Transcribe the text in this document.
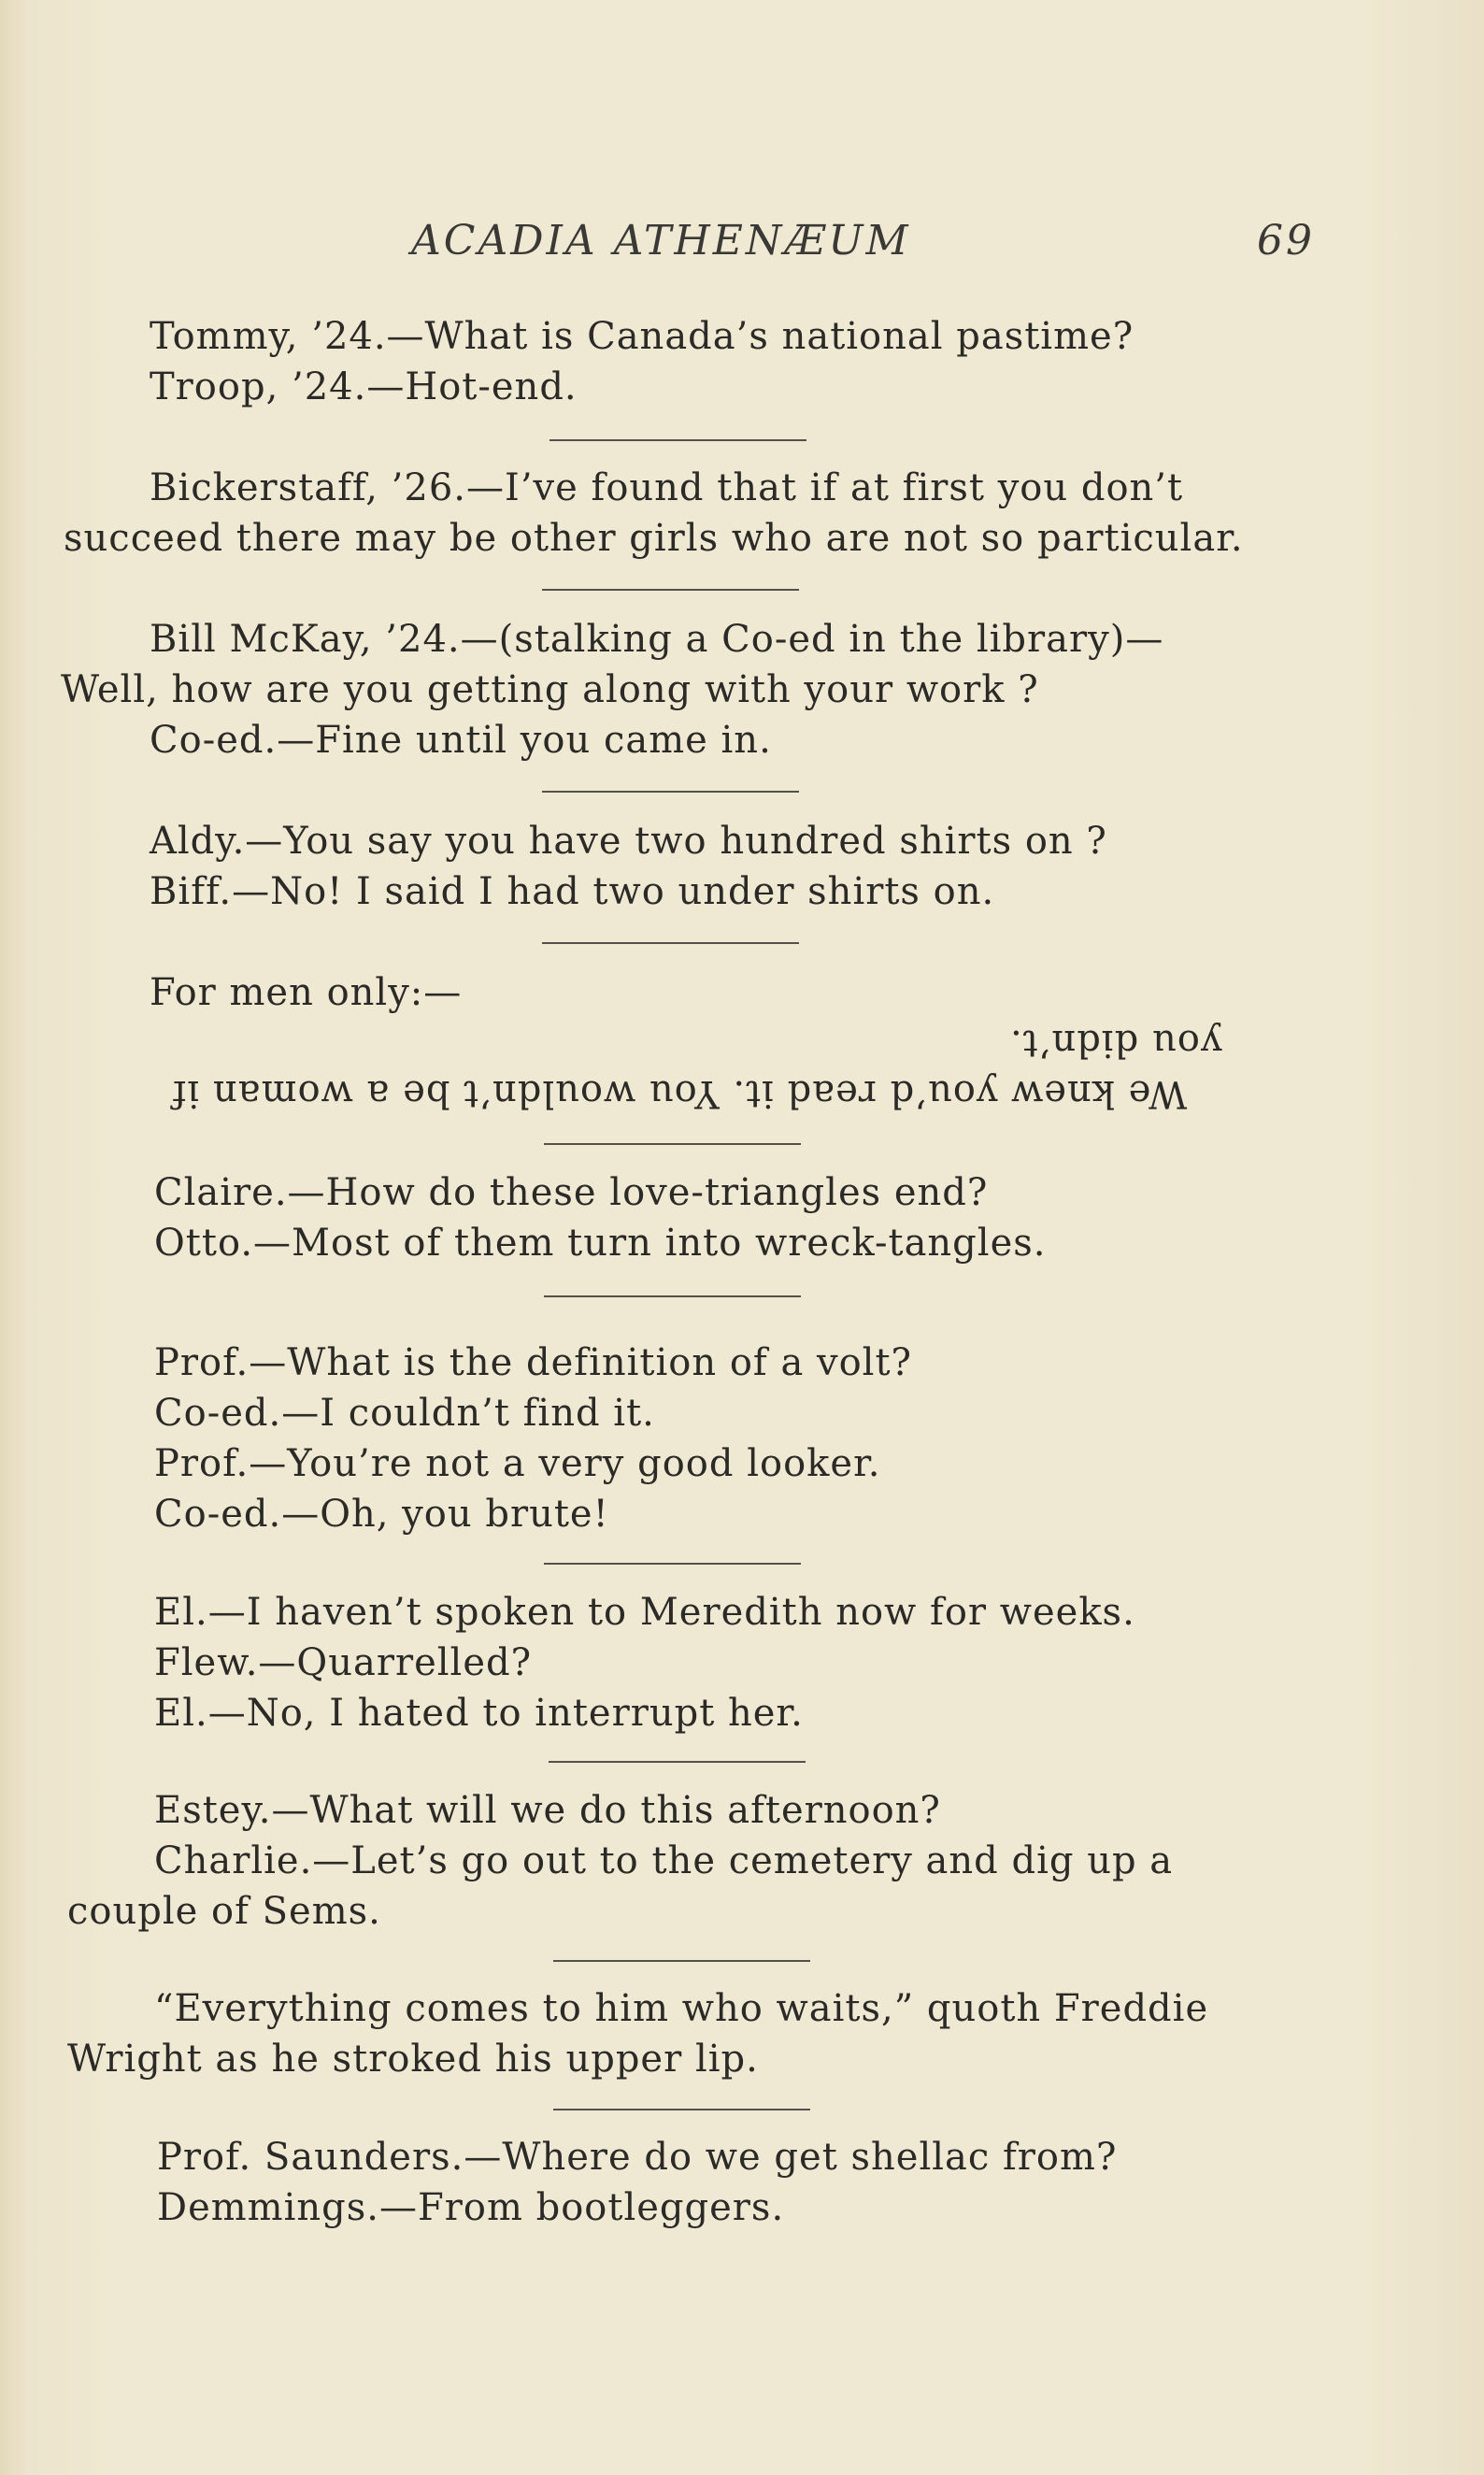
ACADIA ATHENÆUM	69
Tommy, ’24.—What is Canada’s national pastime?
Troop, ’24.—Hot-end.
Bickerstaff, ’26.—I’ve found that if at first you don’t
succeed there may be other girls who are not so particular.
Bill McKay, ’24.—(stalking a Co-ed in the library)—
Well, how are you getting along with your work ?
Co-ed.—Fine until you came in.
Aldy.—You say you have two hundred shirts on ?
Biff.—No! I said I had two under shirts on.
For men only:—
you didn’t.
We knew you’d read it. You wouldn’t be a woman if
Claire.—How do these love-triangles end?
Otto.—Most of them turn into wreck-tangles.
Prof.—What is the definition of a volt?
Co-ed.—I couldn’t find it.
Prof.—You’re not a very good looker.
Co-ed.—Oh, you brute!
El.—I haven’t spoken to Meredith now for weeks.
Flew.—Quarrelled?
El.—No, I hated to interrupt her.
Estey.—What will we do this afternoon?
Charlie.—Let’s go out to the cemetery and dig up a
couple of Sems.
“Everything comes to him who waits,” quoth Freddie
Wright as he stroked his upper lip.
Prof. Saunders.—Where do we get shellac from?
Demmings.—From bootleggers.
